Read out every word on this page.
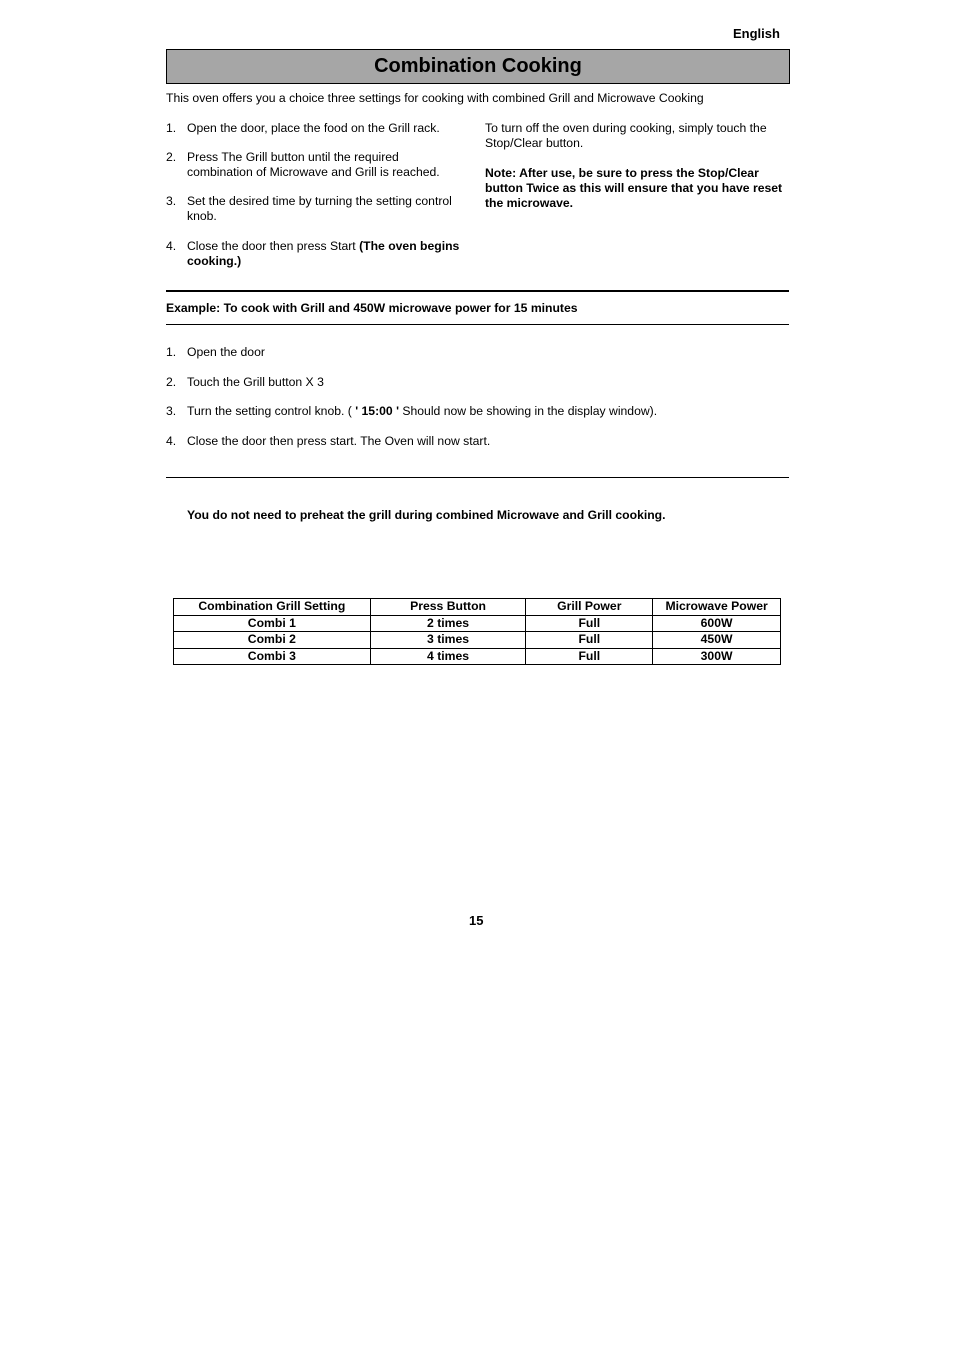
English
Combination Cooking
This oven offers you a choice three settings for cooking with combined Grill and Microwave Cooking
1. Open the door, place the food on the Grill rack.
2. Press The Grill button until the required combination of Microwave and Grill is reached.
3. Set the desired time by turning the setting control knob.
4. Close the door then press Start (The oven begins cooking.)
To turn off the oven during cooking, simply touch the Stop/Clear button.
Note: After use, be sure to press the Stop/Clear button Twice as this will ensure that you have reset the microwave.
Example: To cook with Grill and 450W microwave power for 15 minutes
1. Open the door
2. Touch the Grill button X 3
3. Turn the setting control knob. ( ' 15:00 ' Should now be showing in the display window).
4. Close the door then press start. The Oven will now start.
You do not need to preheat the grill during combined Microwave and Grill cooking.
Combination Grill Setting	Press Button	Grill Power	Microwave Power
Combi 1	2 times	Full	600W
Combi 2	3 times	Full	450W
Combi 3	4 times	Full	300W
15
